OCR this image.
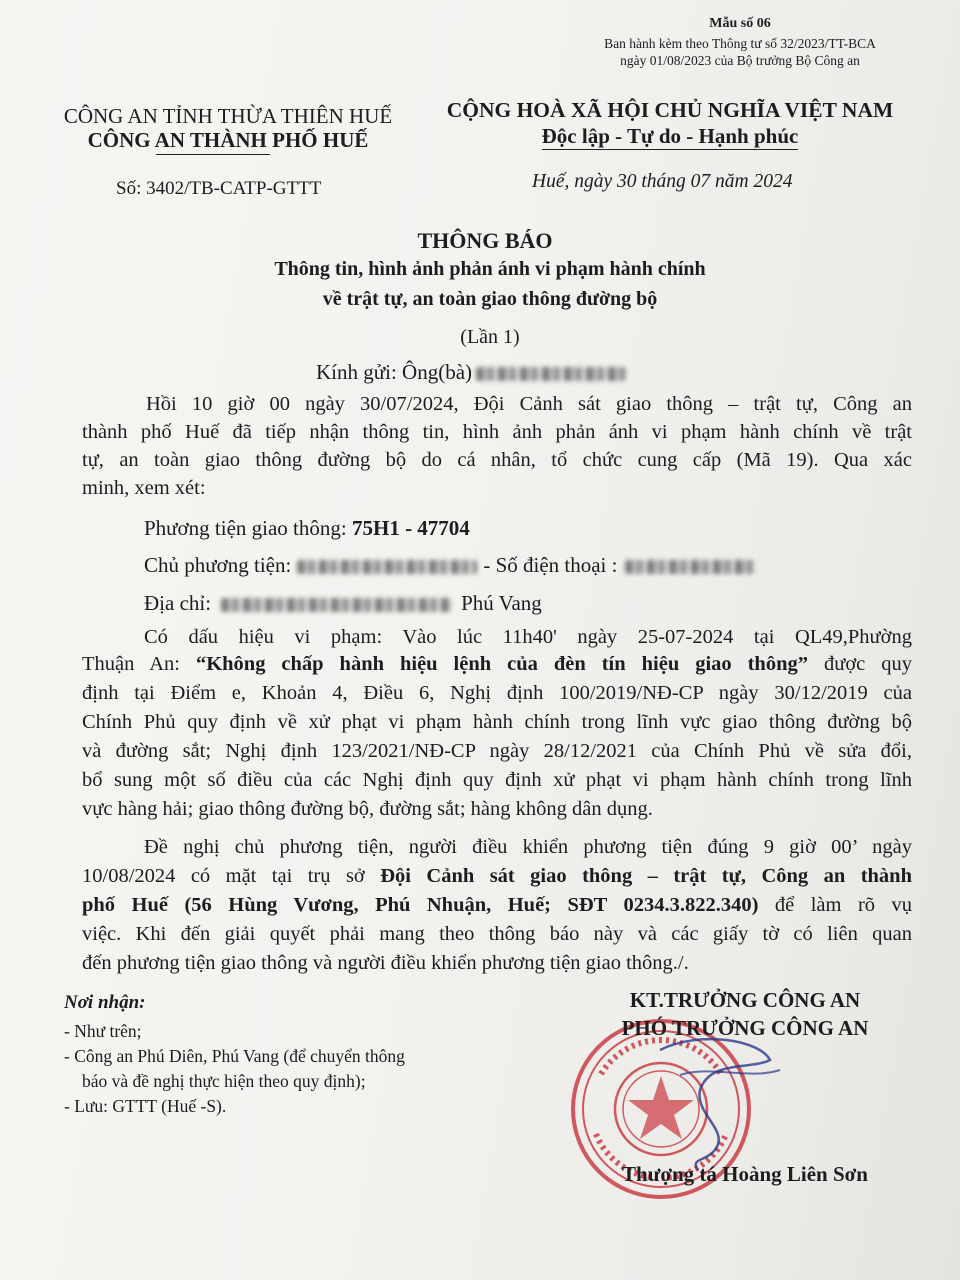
Mẫu số 06
Ban hành kèm theo Thông tư số 32/2023/TT-BCA
ngày 01/08/2023 của Bộ trưởng Bộ Công an
CÔNG AN TỈNH THỪA THIÊN HUẾ
CÔNG AN THÀNH PHỐ HUẾ
Số: 3402/TB-CATP-GTTT
CỘNG HOÀ XÃ HỘI CHỦ NGHĨA VIỆT NAM
Độc lập - Tự do - Hạnh phúc
Huế, ngày 30 tháng 07 năm 2024
THÔNG BÁO
Thông tin, hình ảnh phản ánh vi phạm hành chính
về trật tự, an toàn giao thông đường bộ
(Lần 1)
Kính gửi: Ông(bà)
Hồi 10 giờ 00 ngày 30/07/2024, Đội Cảnh sát giao thông – trật tự, Công an
thành phố Huế đã tiếp nhận thông tin, hình ảnh phản ánh vi phạm hành chính về trật
tự, an toàn giao thông đường bộ do cá nhân, tổ chức cung cấp (Mã 19). Qua xác
minh, xem xét:
Phương tiện giao thông: 75H1 - 47704
Chủ phương tiện:	- Số điện thoại :
Địa chỉ:	Phú Vang
Có dấu hiệu vi phạm: Vào lúc 11h40' ngày 25-07-2024 tại QL49,Phường
Thuận An: “Không chấp hành hiệu lệnh của đèn tín hiệu giao thông” được quy
định tại Điểm e, Khoản 4, Điều 6, Nghị định 100/2019/NĐ-CP ngày 30/12/2019 của
Chính Phủ quy định về xử phạt vi phạm hành chính trong lĩnh vực giao thông đường bộ
và đường sắt; Nghị định 123/2021/NĐ-CP ngày 28/12/2021 của Chính Phủ về sửa đổi,
bổ sung một số điều của các Nghị định quy định xử phạt vi phạm hành chính trong lĩnh
vực hàng hải; giao thông đường bộ, đường sắt; hàng không dân dụng.
Đề nghị chủ phương tiện, người điều khiển phương tiện đúng 9 giờ 00’ ngày
10/08/2024 có mặt tại trụ sở Đội Cảnh sát giao thông – trật tự, Công an thành
phố Huế (56 Hùng Vương, Phú Nhuận, Huế; SĐT 0234.3.822.340) để làm rõ vụ
việc. Khi đến giải quyết phải mang theo thông báo này và các giấy tờ có liên quan
đến phương tiện giao thông và người điều khiển phương tiện giao thông./.
Nơi nhận:
- Như trên;
- Công an Phú Diên, Phú Vang (để chuyển thông
báo và đề nghị thực hiện theo quy định);
- Lưu: GTTT (Huế -S).
KT.TRƯỞNG CÔNG AN
PHÓ TRƯỞNG CÔNG AN
Thượng tá Hoàng Liên Sơn
